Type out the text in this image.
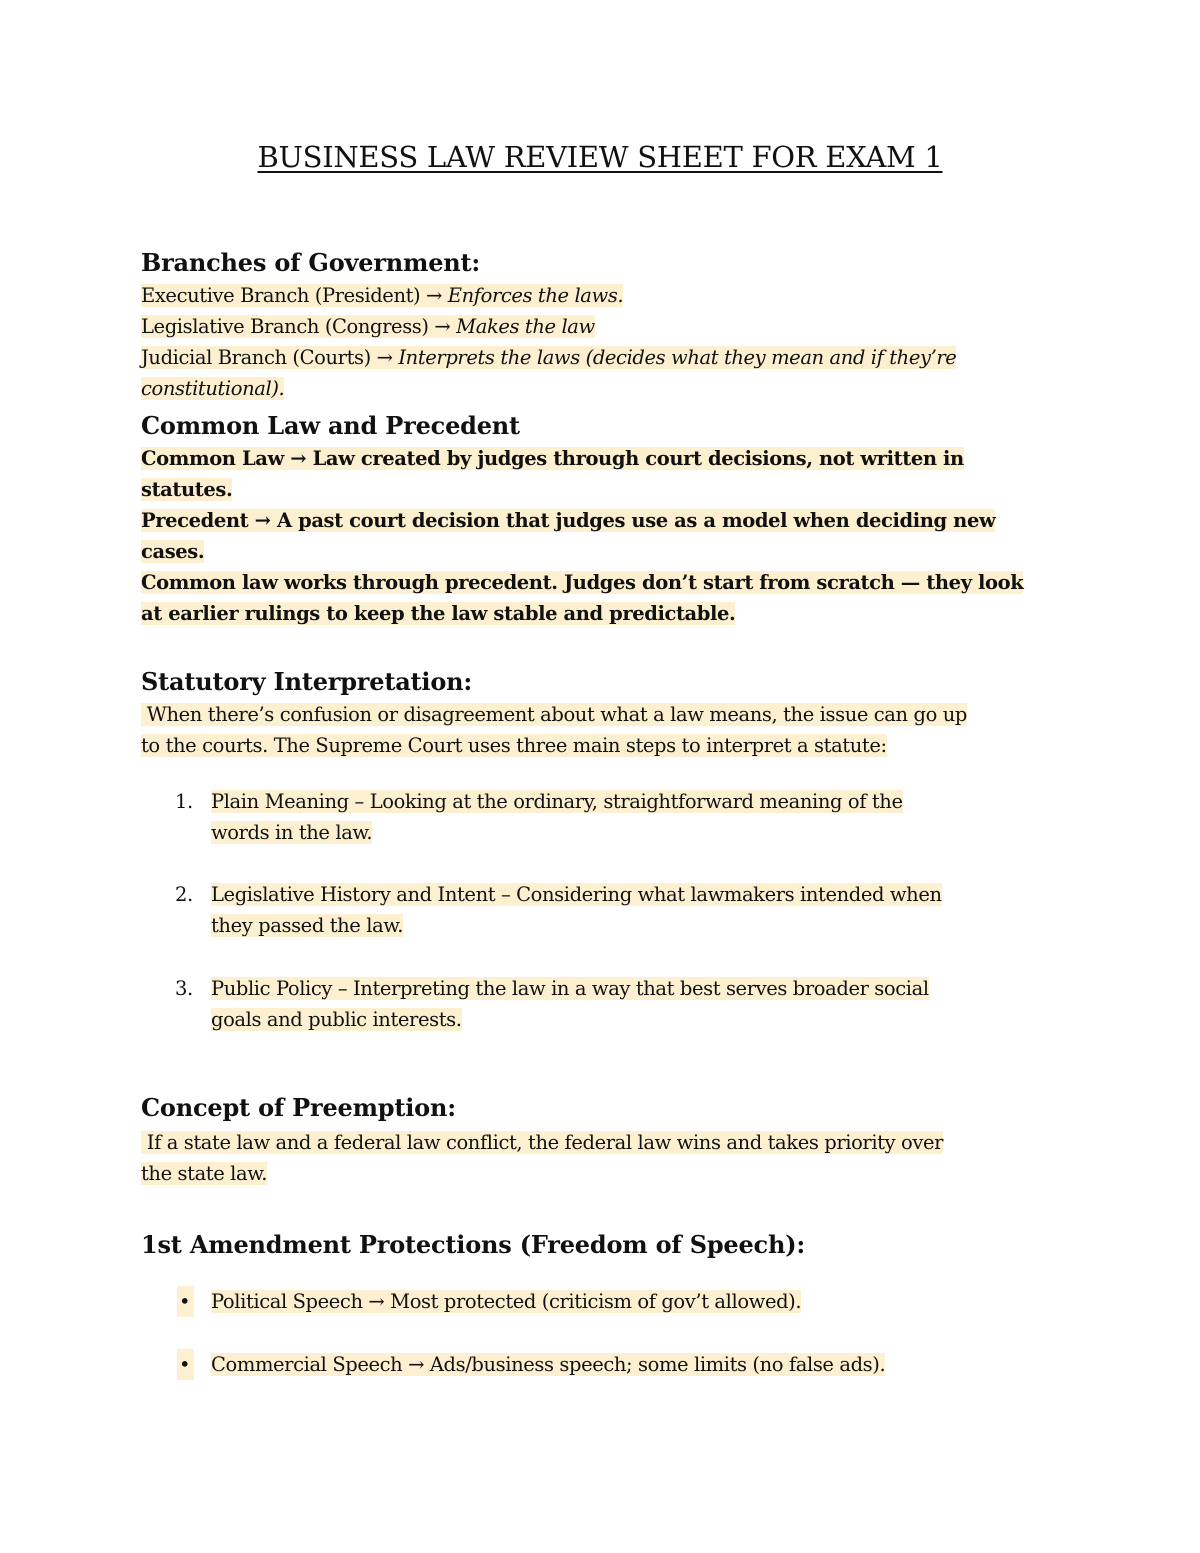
BUSINESS LAW REVIEW SHEET FOR EXAM 1

Branches of Government:

Executive Branch (President) → Enforces the laws.

Legislative Branch (Congress) → Makes the law

Judicial Branch (Courts) → Interprets the laws (decides what they mean and if they’re

constitutional).

Common Law and Precedent

Common Law → Law created by judges through court decisions, not written in

statutes.

Precedent → A past court decision that judges use as a model when deciding new

cases.

Common law works through precedent. Judges don’t start from scratch — they look

at earlier rulings to keep the law stable and predictable.

Statutory Interpretation:

When there’s confusion or disagreement about what a law means, the issue can go up

to the courts. The Supreme Court uses three main steps to interpret a statute:

1. Plain Meaning – Looking at the ordinary, straightforward meaning of the
words in the law.
2. Legislative History and Intent – Considering what lawmakers intended when
they passed the law.
3. Public Policy – Interpreting the law in a way that best serves broader social
goals and public interests.

Concept of Preemption:

If a state law and a federal law conflict, the federal law wins and takes priority over

the state law.

1st Amendment Protections (Freedom of Speech):

• Political Speech → Most protected (criticism of gov’t allowed).
• Commercial Speech → Ads/business speech; some limits (no false ads).
